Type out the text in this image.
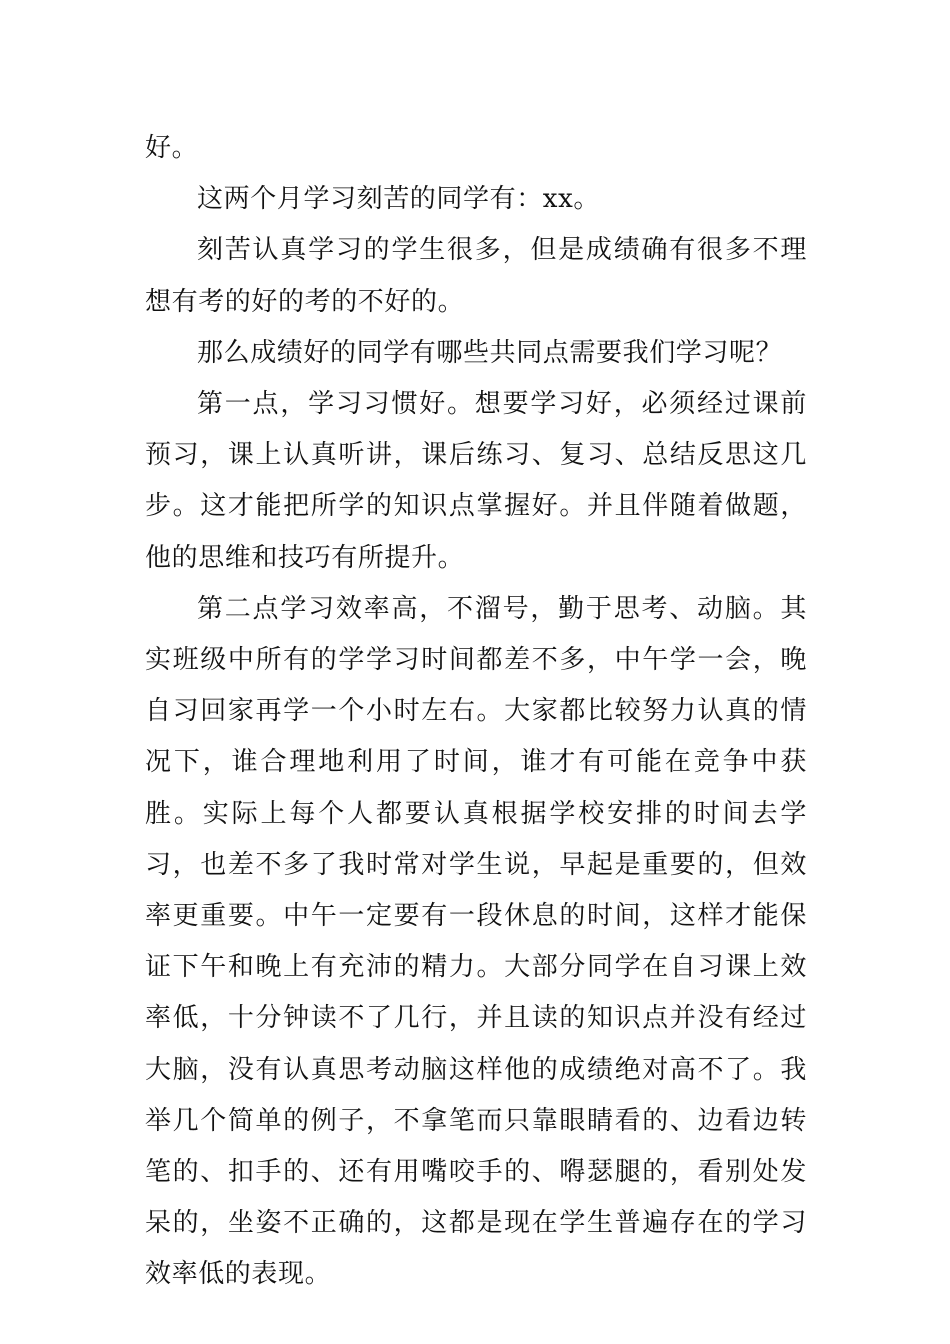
好。

这两个月学习刻苦的同学有：xx。

刻苦认真学习的学生很多，但是成绩确有很多不理想有考的好的考的不好的。

那么成绩好的同学有哪些共同点需要我们学习呢？

第一点，学习习惯好。想要学习好，必须经过课前预习，课上认真听讲，课后练习、复习、总结反思这几步。这才能把所学的知识点掌握好。并且伴随着做题，他的思维和技巧有所提升。

第二点学习效率高，不溜号，勤于思考、动脑。其实班级中所有的学学习时间都差不多，中午学一会，晚自习回家再学一个小时左右。大家都比较努力认真的情况下，谁合理地利用了时间，谁才有可能在竞争中获胜。实际上每个人都要认真根据学校安排的时间去学习，也差不多了我时常对学生说，早起是重要的，但效率更重要。中午一定要有一段休息的时间，这样才能保证下午和晚上有充沛的精力。大部分同学在自习课上效率低，十分钟读不了几行，并且读的知识点并没有经过大脑，没有认真思考动脑这样他的成绩绝对高不了。我举几个简单的例子，不拿笔而只靠眼睛看的、边看边转笔的、扣手的、还有用嘴咬手的、嘚瑟腿的，看别处发呆的，坐姿不正确的，这都是现在学生普遍存在的学习效率低的表现。
